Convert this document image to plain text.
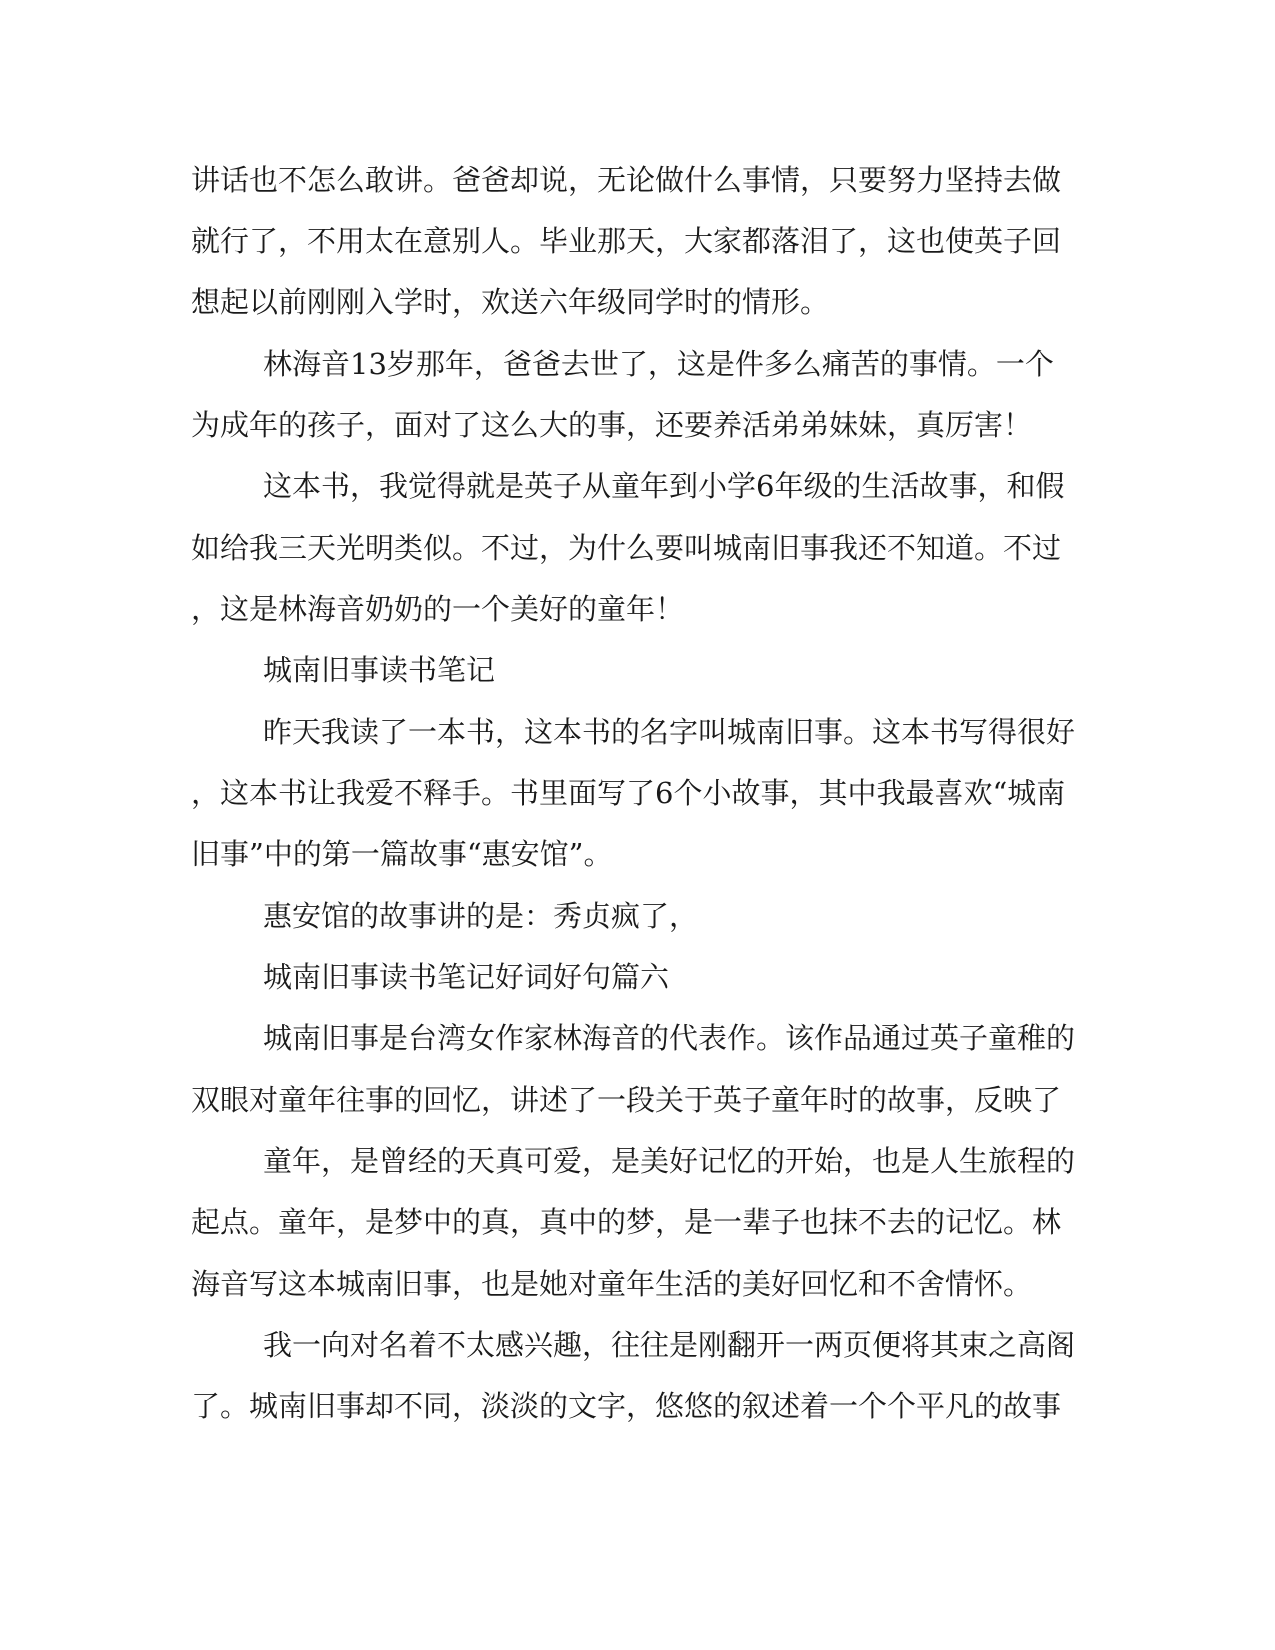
讲话也不怎么敢讲。爸爸却说，无论做什么事情，只要努力坚持去做
就行了，不用太在意别人。毕业那天，大家都落泪了，这也使英子回
想起以前刚刚入学时，欢送六年级同学时的情形。
林海音13岁那年，爸爸去世了，这是件多么痛苦的事情。一个
为成年的孩子，面对了这么大的事，还要养活弟弟妹妹，真厉害！
这本书，我觉得就是英子从童年到小学6年级的生活故事，和假
如给我三天光明类似。不过，为什么要叫城南旧事我还不知道。不过
，这是林海音奶奶的一个美好的童年！
城南旧事读书笔记
昨天我读了一本书，这本书的名字叫城南旧事。这本书写得很好
，这本书让我爱不释手。书里面写了6个小故事，其中我最喜欢“城南
旧事”中的第一篇故事“惠安馆”。
惠安馆的故事讲的是：秀贞疯了，
城南旧事读书笔记好词好句篇六
城南旧事是台湾女作家林海音的代表作。该作品通过英子童稚的
双眼对童年往事的回忆，讲述了一段关于英子童年时的故事，反映了
童年，是曾经的天真可爱，是美好记忆的开始，也是人生旅程的
起点。童年，是梦中的真，真中的梦，是一辈子也抹不去的记忆。林
海音写这本城南旧事，也是她对童年生活的美好回忆和不舍情怀。
我一向对名着不太感兴趣，往往是刚翻开一两页便将其束之高阁
了。城南旧事却不同，淡淡的文字，悠悠的叙述着一个个平凡的故事
